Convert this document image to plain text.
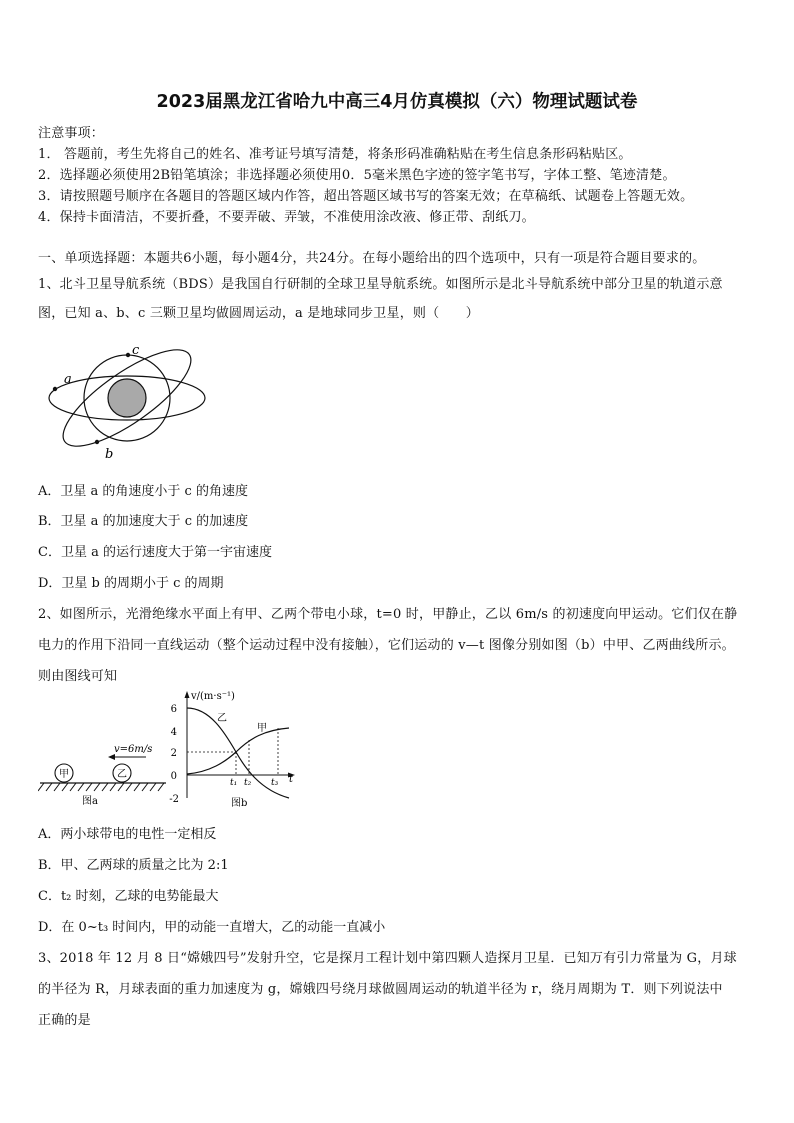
2023届黑龙江省哈九中高三4月仿真模拟（六）物理试题试卷
注意事项：
1． 答题前，考生先将自己的姓名、准考证号填写清楚，将条形码准确粘贴在考生信息条形码粘贴区。
2．选择题必须使用2B铅笔填涂；非选择题必须使用0．5毫米黑色字迹的签字笔书写，字体工整、笔迹清楚。
3．请按照题号顺序在各题目的答题区域内作答，超出答题区域书写的答案无效；在草稿纸、试题卷上答题无效。
4．保持卡面清洁，不要折叠，不要弄破、弄皱，不准使用涂改液、修正带、刮纸刀。
一、单项选择题：本题共6小题，每小题4分，共24分。在每小题给出的四个选项中，只有一项是符合题目要求的。
1、北斗卫星导航系统（BDS）是我国自行研制的全球卫星导航系统。如图所示是北斗导航系统中部分卫星的轨道示意
图，已知 a、b、c 三颗卫星均做圆周运动，a 是地球同步卫星，则（　　）
a
c
b
A．卫星 a 的角速度小于 c 的角速度
B．卫星 a 的加速度大于 c 的加速度
C．卫星 a 的运行速度大于第一宇宙速度
D．卫星 b 的周期小于 c 的周期
2、如图所示，光滑绝缘水平面上有甲、乙两个带电小球，t=0 时，甲静止，乙以 6m/s 的初速度向甲运动。它们仅在静
电力的作用下沿同一直线运动（整个运动过程中没有接触），它们运动的 v—t 图像分别如图（b）中甲、乙两曲线所示。
则由图线可知
甲	乙
v=6m/s
图a
v/(m·s⁻¹)
t
6
4
2
0
-2
乙
甲
t₁ t₂ t₃
图b
A．两小球带电的电性一定相反
B．甲、乙两球的质量之比为 2:1
C．t₂ 时刻，乙球的电势能最大
D．在 0~t₃ 时间内，甲的动能一直增大，乙的动能一直减小
3、2018 年 12 月 8 日“嫦娥四号”发射升空，它是探月工程计划中第四颗人造探月卫星．已知万有引力常量为 G，月球
的半径为 R，月球表面的重力加速度为 g，嫦娥四号绕月球做圆周运动的轨道半径为 r，绕月周期为 T．则下列说法中
正确的是
